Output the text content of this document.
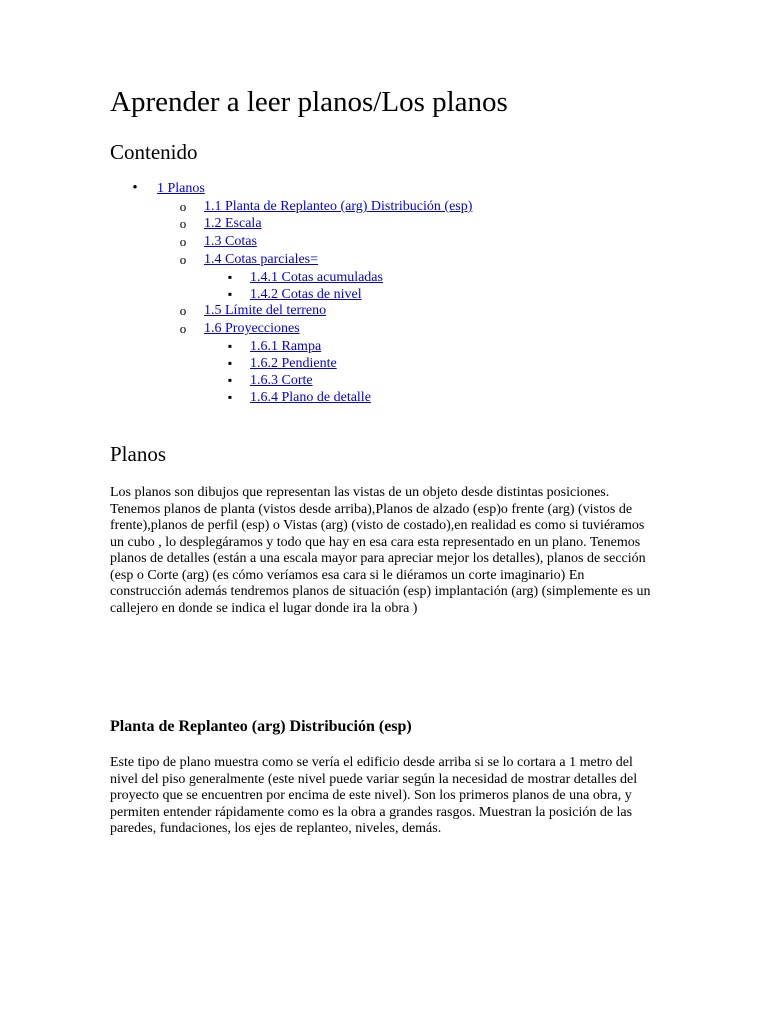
Aprender a leer planos/Los planos
Contenido
•
1 Planos
o
1.1 Planta de Replanteo (arg) Distribución (esp)
o
1.2 Escala
o
1.3 Cotas
o
1.4 Cotas parciales=
▪
1.4.1 Cotas acumuladas
▪
1.4.2 Cotas de nivel
o
1.5 Límite del terreno
o
1.6 Proyecciones
▪
1.6.1 Rampa
▪
1.6.2 Pendiente
▪
1.6.3 Corte
▪
1.6.4 Plano de detalle
Planos

Los planos son dibujos que representan las vistas de un objeto desde distintas posiciones. Tenemos planos de planta (vistos desde arriba),Planos de alzado (esp)o frente (arg) (vistos de frente),planos de perfil (esp) o Vistas (arg) (visto de costado),en realidad es como si tuviéramos un cubo , lo desplegáramos y todo que hay en esa cara esta representado en un plano. Tenemos planos de detalles (están a una escala mayor para apreciar mejor los detalles), planos de sección (esp o Corte (arg) (es cómo veríamos esa cara si le diéramos un corte imaginario) En construcción además tendremos planos de situación (esp) implantación (arg) (simplemente es un callejero en donde se indica el lugar donde ira la obra )

Planta de Replanteo (arg) Distribución (esp)

Este tipo de plano muestra como se vería el edificio desde arriba si se lo cortara a 1 metro del nivel del piso generalmente (este nivel puede variar según la necesidad de mostrar detalles del proyecto que se encuentren por encima de este nivel). Son los primeros planos de una obra, y permiten entender rápidamente como es la obra a grandes rasgos. Muestran la posición de las paredes, fundaciones, los ejes de replanteo, niveles, demás.
